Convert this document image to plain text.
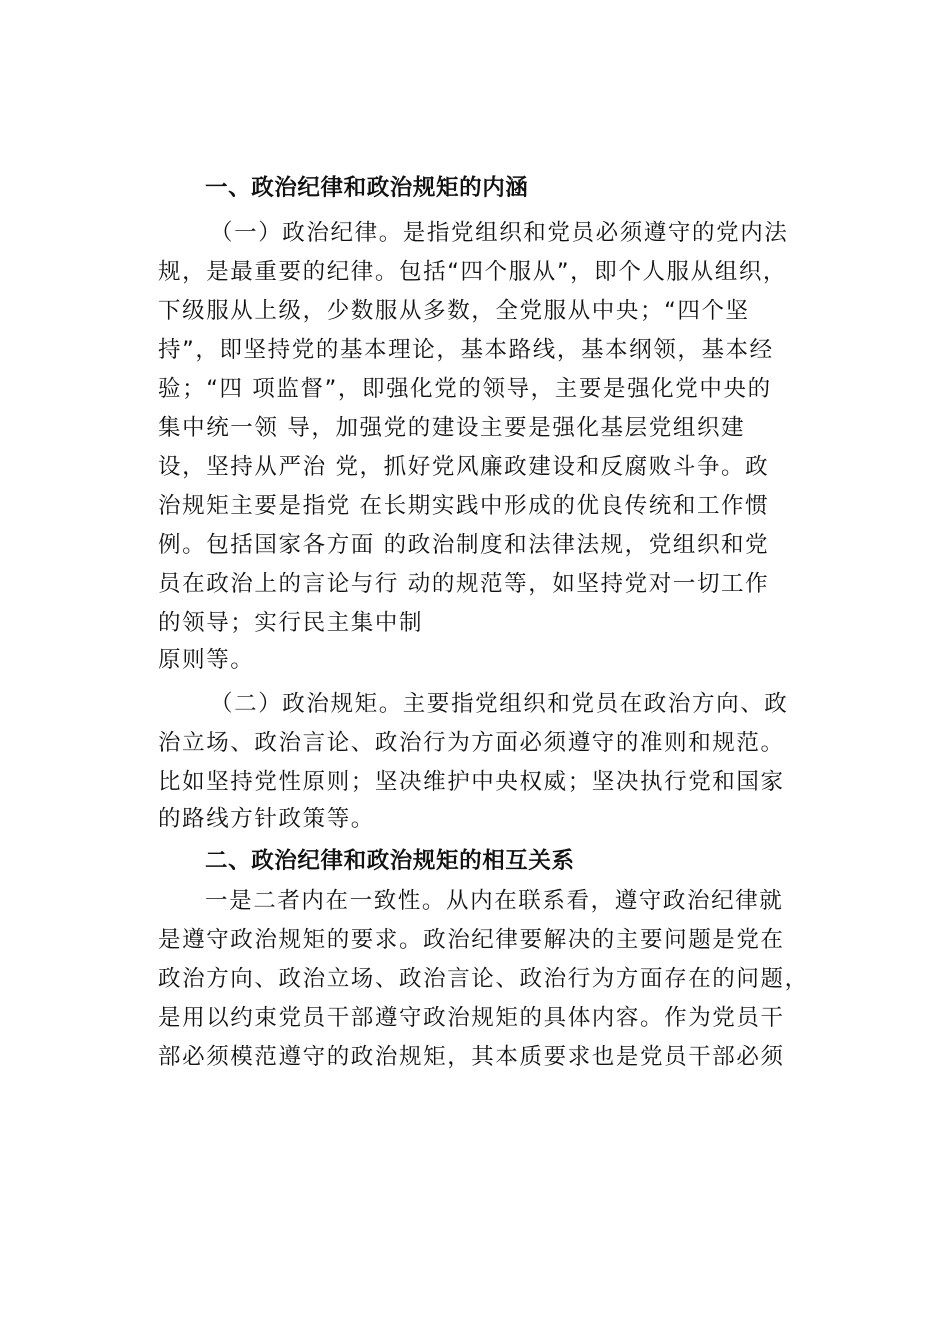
一、政治纪律和政治规矩的内涵
（一）政治纪律。是指党组织和党员必须遵守的党内法
规，是最重要的纪律。包括“四个服从”，即个人服从组织，
下级服从上级，少数服从多数，全党服从中央；“四个坚
持”，即坚持党的基本理论，基本路线，基本纲领，基本经
验；“四 项监督”，即强化党的领导，主要是强化党中央的
集中统一领 导，加强党的建设主要是强化基层党组织建
设，坚持从严治 党，抓好党风廉政建设和反腐败斗争。政
治规矩主要是指党 在长期实践中形成的优良传统和工作惯
例。包括国家各方面 的政治制度和法律法规，党组织和党
员在政治上的言论与行 动的规范等，如坚持党对一切工作
的领导；实行民主集中制
原则等。
（二）政治规矩。主要指党组织和党员在政治方向、政
治立场、政治言论、政治行为方面必须遵守的准则和规范。
比如坚持党性原则；坚决维护中央权威；坚决执行党和国家
的路线方针政策等。
二、政治纪律和政治规矩的相互关系
一是二者内在一致性。从内在联系看，遵守政治纪律就
是遵守政治规矩的要求。政治纪律要解决的主要问题是党在
政治方向、政治立场、政治言论、政治行为方面存在的问题，
是用以约束党员干部遵守政治规矩的具体内容。作为党员干
部必须模范遵守的政治规矩，其本质要求也是党员干部必须
